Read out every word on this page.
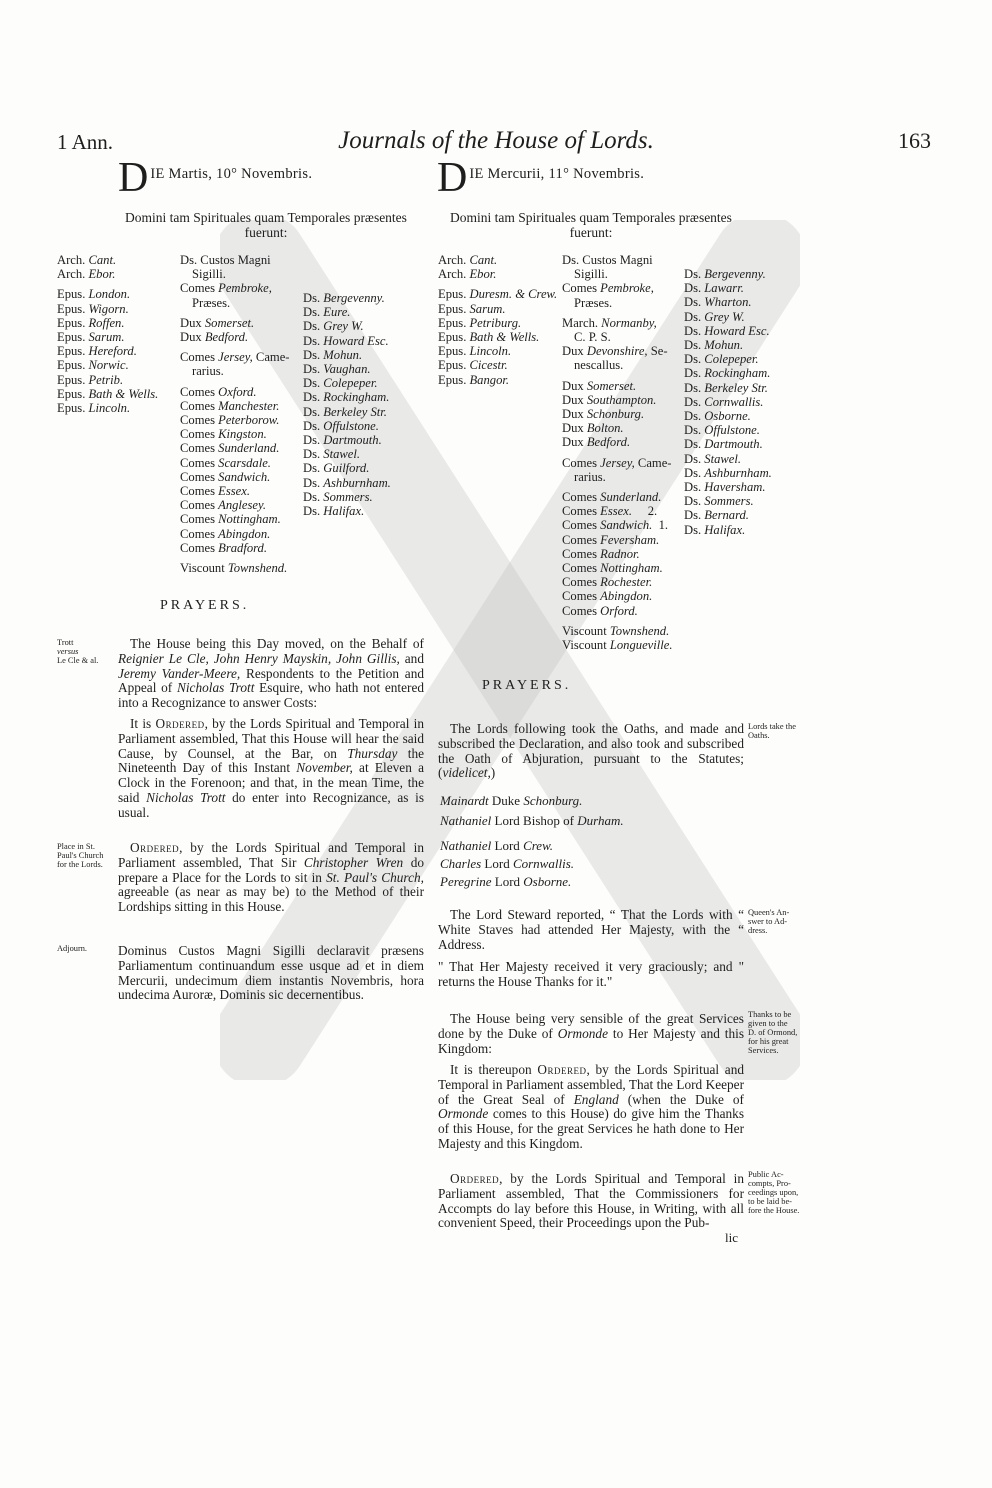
1 Ann.	Journals of the House of Lords.	163
D IE Martis, 10° Novembris.
Domini tam Spirituales quam Temporales præsentes
fuerunt:
Arch. Cant.
Arch. Ebor.
Epus. London.
Epus. Wigorn.
Epus. Roffen.
Epus. Sarum.
Epus. Hereford.
Epus. Norwic.
Epus. Petrib.
Epus. Bath & Wells.
Epus. Lincoln.
Ds. Custos Magni
Sigilli.
Comes Pembroke,
Præses.
Dux Somerset.
Dux Bedford.
Comes Jersey, Came-
rarius.
Comes Oxford.
Comes Manchester.
Comes Peterborow.
Comes Kingston.
Comes Sunderland.
Comes Scarsdale.
Comes Sandwich.
Comes Essex.
Comes Anglesey.
Comes Nottingham.
Comes Abingdon.
Comes Bradford.
Viscount Townshend.
Ds. Bergevenny.
Ds. Eure.
Ds. Grey W.
Ds. Howard Esc.
Ds. Mohun.
Ds. Vaughan.
Ds. Colepeper.
Ds. Rockingham.
Ds. Berkeley Str.
Ds. Offulstone.
Ds. Dartmouth.
Ds. Stawel.
Ds. Guilford.
Ds. Ashburnham.
Ds. Sommers.
Ds. Halifax.
PRAYERS.
Trott
versus
Le Cle & al.

The House being this Day moved, on the Behalf of Reignier Le Cle, John Henry Mayskin, John Gillis, and Jeremy Vander-Meere, Respondents to the Petition and Appeal of Nicholas Trott Esquire, who hath not entered into a Recognizance to answer Costs:

It is Ordered, by the Lords Spiritual and Temporal in Parliament assembled, That this House will hear the said Cause, by Counsel, at the Bar, on Thursday the Nineteenth Day of this Instant November, at Eleven a Clock in the Forenoon; and that, in the mean Time, the said Nicholas Trott do enter into Recognizance, as is usual.

Place in St.
Paul's Church
for the Lords.

Ordered, by the Lords Spiritual and Temporal in Parliament assembled, That Sir Christopher Wren do prepare a Place for the Lords to sit in St. Paul's Church, agreeable (as near as may be) to the Method of their Lordships sitting in this House.

Adjourn.	Dominus Custos Magni Sigilli declaravit præsens Parliamentum continuandum esse usque ad et in diem Mercurii, undecimum diem instantis Novembris, hora undecima Auroræ, Dominis sic decernentibus.
D IE Mercurii, 11° Novembris.
Domini tam Spirituales quam Temporales præsentes
fuerunt:
Arch. Cant.
Arch. Ebor.
Epus. Duresm. & Crew.
Epus. Sarum.
Epus. Petriburg.
Epus. Bath & Wells.
Epus. Lincoln.
Epus. Cicestr.
Epus. Bangor.
Ds. Custos Magni
Sigilli.
Comes Pembroke,
Præses.
March. Normanby,
C. P. S.
Dux Devonshire, Se-
nescallus.
Dux Somerset.
Dux Southampton.
Dux Schonburg.
Dux Bolton.
Dux Bedford.
Comes Jersey, Came-
rarius.
Comes Sunderland.
Comes Essex.     2.
Comes Sandwich.  1.
Comes Feversham.
Comes Radnor.
Comes Nottingham.
Comes Rochester.
Comes Abingdon.
Comes Orford.
Viscount Townshend.
Viscount Longueville.
Ds. Bergevenny.
Ds. Lawarr.
Ds. Wharton.
Ds. Grey W.
Ds. Howard Esc.
Ds. Mohun.
Ds. Colepeper.
Ds. Rockingham.
Ds. Berkeley Str.
Ds. Cornwallis.
Ds. Osborne.
Ds. Offulstone.
Ds. Dartmouth.
Ds. Stawel.
Ds. Ashburnham.
Ds. Haversham.
Ds. Sommers.
Ds. Bernard.
Ds. Halifax.
PRAYERS.

The Lords following took the Oaths, and made and subscribed the Declaration, and also took and subscribed the Oath of Abjuration, pursuant to the Statutes; (videlicet,)

Lords take the
Oaths.

Mainardt Duke Schonburg.

Nathaniel Lord Bishop of Durham.

Nathaniel Lord Crew.

Charles Lord Cornwallis.

Peregrine Lord Osborne.

The Lord Steward reported, “ That the Lords with “ White Staves had attended Her Majesty, with the “ Address.

Queen's An-
swer to Ad-
dress.
" That Her Majesty received it very graciously; and " returns the House Thanks for it."

The House being very sensible of the great Services done by the Duke of Ormonde to Her Majesty and this Kingdom:

Thanks to be
given to the
D. of Ormond,
for his great
Services.

It is thereupon Ordered, by the Lords Spiritual and Temporal in Parliament assembled, That the Lord Keeper of the Great Seal of England (when the Duke of Ormonde comes to this House) do give him the Thanks of this House, for the great Services he hath done to Her Majesty and this Kingdom.

Ordered, by the Lords Spiritual and Temporal in Parliament assembled, That the Commissioners for Accompts do lay before this House, in Writing, with all convenient Speed, their Proceedings upon the Pub-

Public Ac-
compts, Pro-
ceedings upon,
to be laid be-
fore the House.
lic
